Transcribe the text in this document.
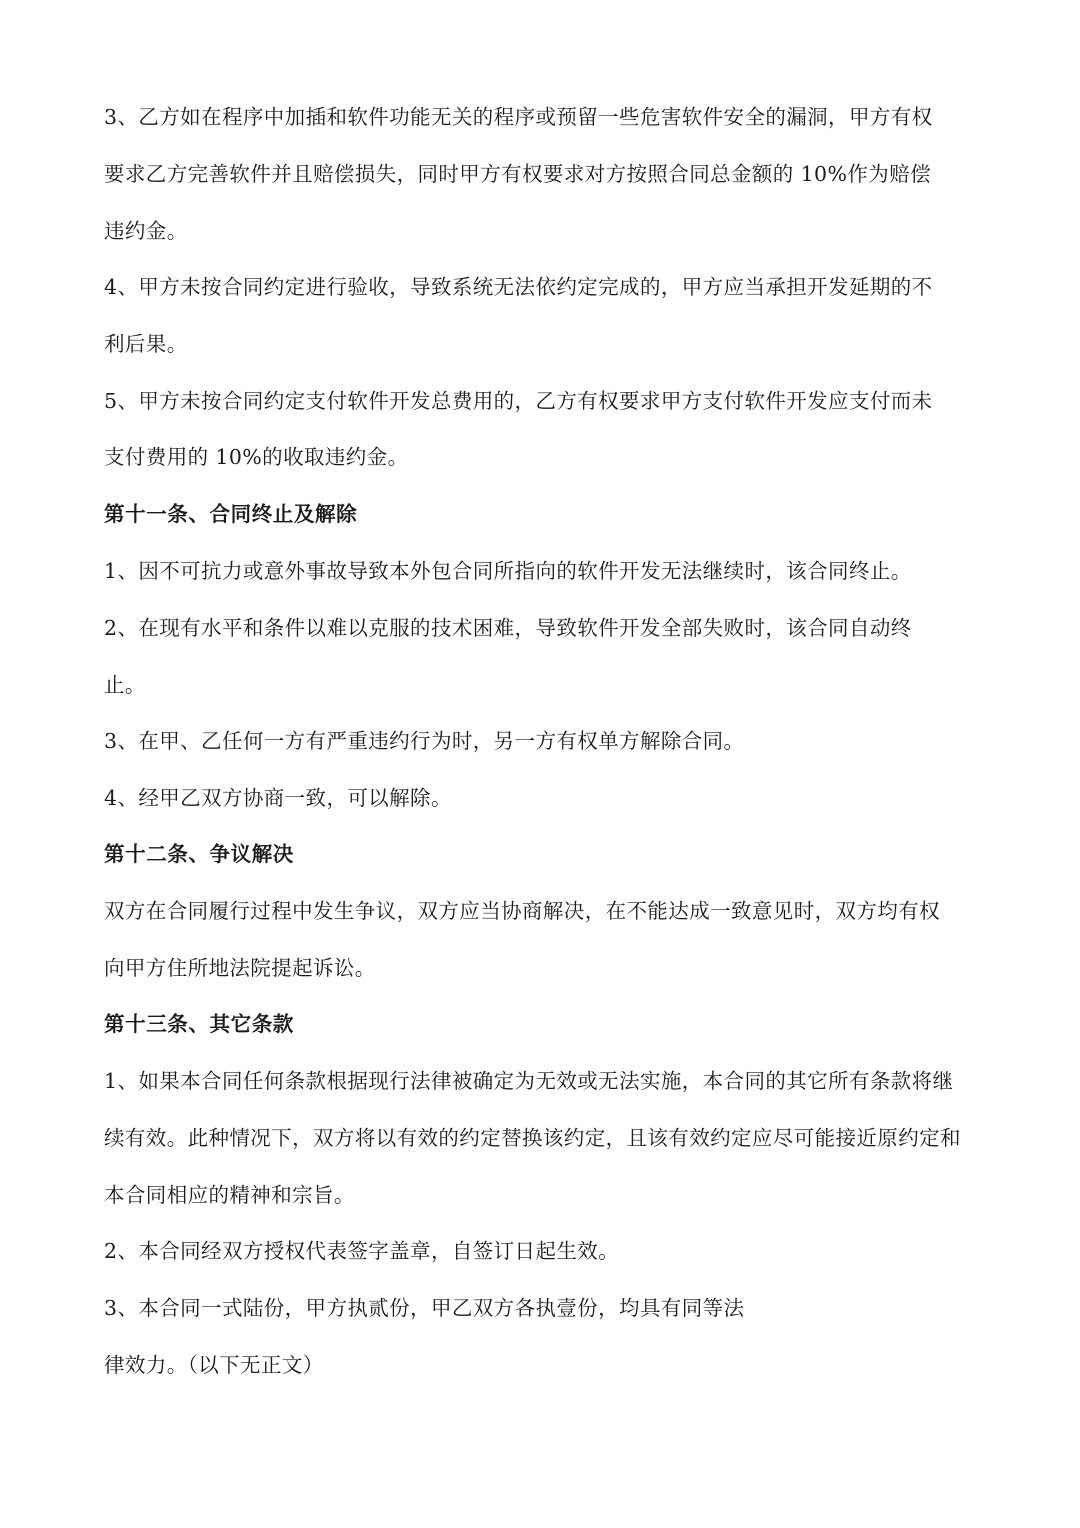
3、乙方如在程序中加插和软件功能无关的程序或预留一些危害软件安全的漏洞，甲方有权
要求乙方完善软件并且赔偿损失，同时甲方有权要求对方按照合同总金额的 10%作为赔偿
违约金。
4、甲方未按合同约定进行验收，导致系统无法依约定完成的，甲方应当承担开发延期的不
利后果。
5、甲方未按合同约定支付软件开发总费用的，乙方有权要求甲方支付软件开发应支付而未
支付费用的 10%的收取违约金。
第十一条、合同终止及解除
1、因不可抗力或意外事故导致本外包合同所指向的软件开发无法继续时，该合同终止。
2、在现有水平和条件以难以克服的技术困难，导致软件开发全部失败时，该合同自动终
止。
3、在甲、乙任何一方有严重违约行为时，另一方有权单方解除合同。
4、经甲乙双方协商一致，可以解除。
第十二条、争议解决
双方在合同履行过程中发生争议，双方应当协商解决，在不能达成一致意见时，双方均有权
向甲方住所地法院提起诉讼。
第十三条、其它条款
1、如果本合同任何条款根据现行法律被确定为无效或无法实施，本合同的其它所有条款将继
续有效。此种情况下，双方将以有效的约定替换该约定，且该有效约定应尽可能接近原约定和
本合同相应的精神和宗旨。
2、本合同经双方授权代表签字盖章，自签订日起生效。
3、本合同一式陆份，甲方执贰份，甲乙双方各执壹份，均具有同等法
律效力。（以下无正文）
